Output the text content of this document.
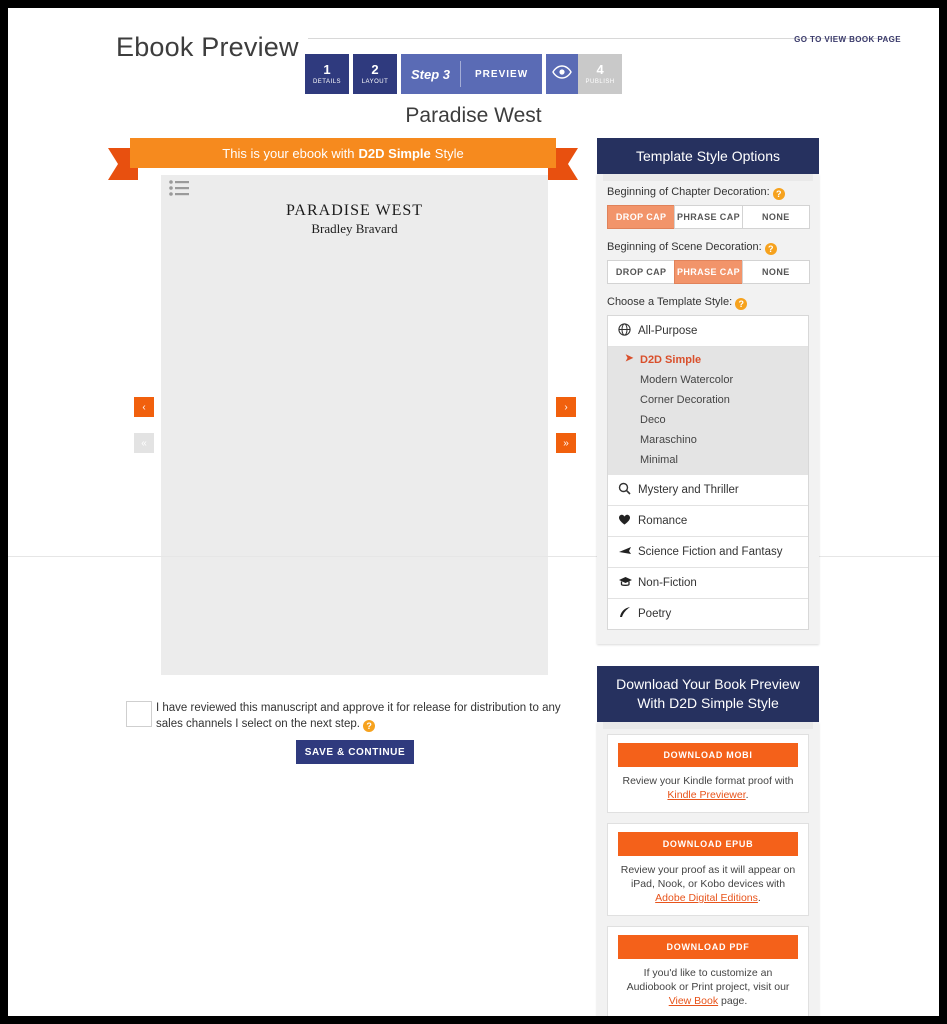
Ebook Preview	GO TO VIEW BOOK PAGE
1
DETAILS
2
LAYOUT
Step 3	PREVIEW	4
PUBLISH
Paradise West
This is your ebook with D2D Simple Style
PARADISE WEST
Bradley Bravard
‹
«
›
»
I have reviewed this manuscript and approve it for release for distribution to any sales channels I select on the next step. ?
SAVE & CONTINUE
Template Style Options
Beginning of Chapter Decoration: ?
DROP CAP	PHRASE CAP	NONE
Beginning of Scene Decoration: ?
DROP CAP	PHRASE CAP	NONE
Choose a Template Style: ?
All-Purpose
➤ D2D Simple
Modern Watercolor
Corner Decoration
Deco
Maraschino
Minimal
Mystery and Thriller
Romance
Science Fiction and Fantasy
Non-Fiction
Poetry
Download Your Book Preview
With D2D Simple Style
DOWNLOAD MOBI
Review your Kindle format proof with Kindle Previewer.
DOWNLOAD EPUB
Review your proof as it will appear on iPad, Nook, or Kobo devices with Adobe Digital Editions.
DOWNLOAD PDF
If you'd like to customize an Audiobook or Print project, visit our View Book page.
